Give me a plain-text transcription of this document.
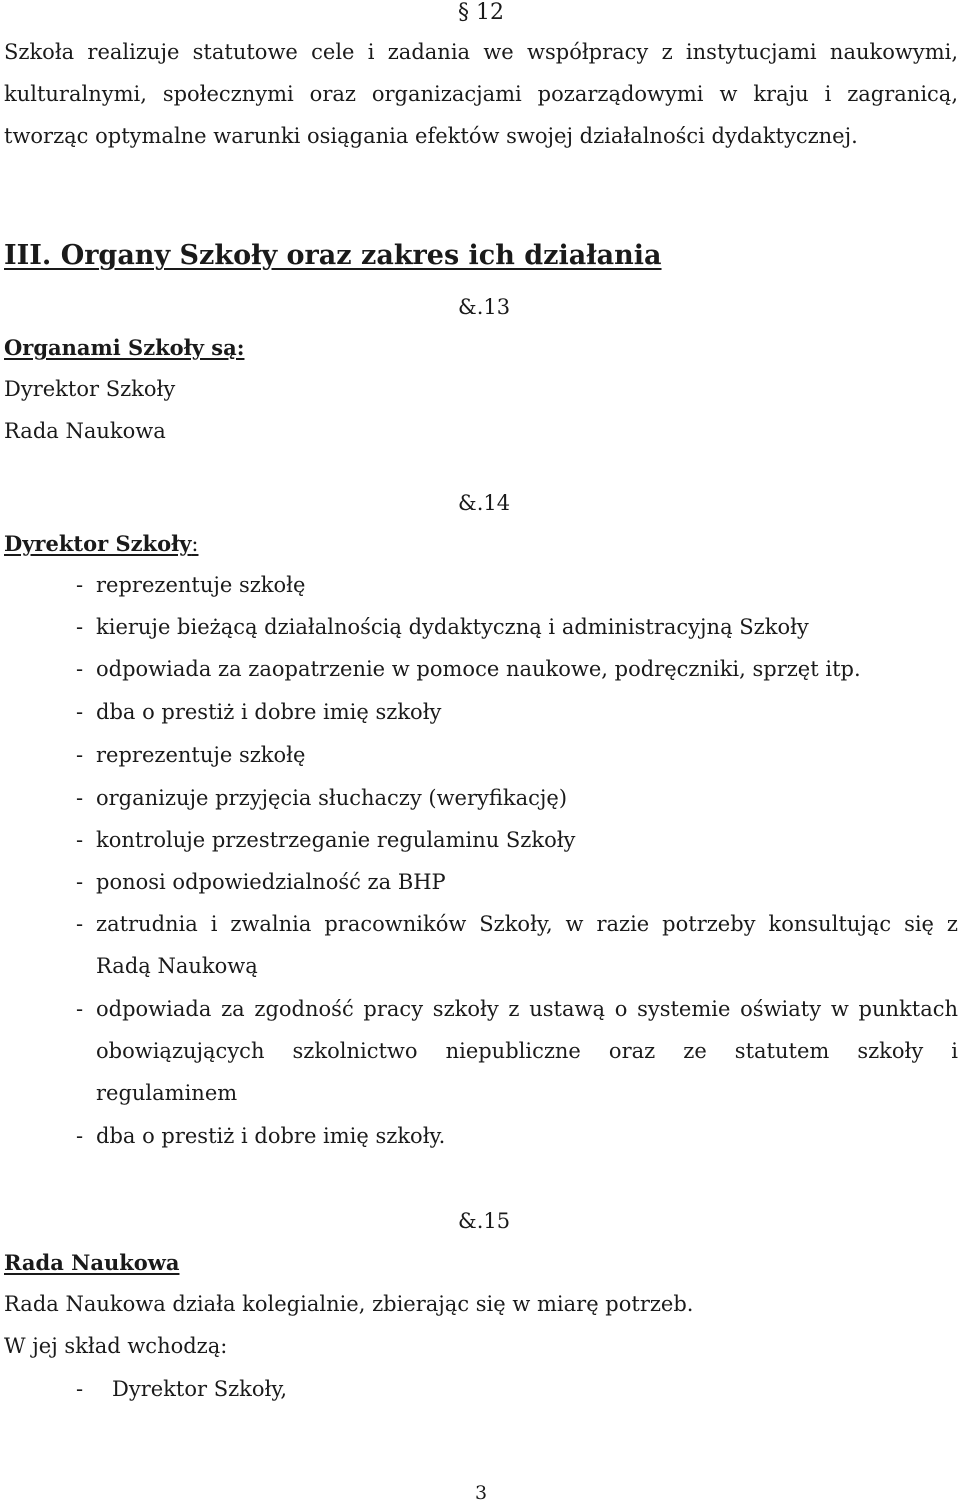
§ 12
Szkoła realizuje statutowe cele i zadania we współpracy z instytucjami naukowymi,
kulturalnymi, społecznymi oraz organizacjami pozarządowymi w kraju i zagranicą,
tworząc optymalne warunki osiągania efektów swojej działalności dydaktycznej.
III. Organy Szkoły oraz zakres ich działania
&.13
Organami Szkoły są:
Dyrektor Szkoły
Rada Naukowa
&.14
Dyrektor Szkoły:
- reprezentuje szkołę
- kieruje bieżącą działalnością dydaktyczną i administracyjną Szkoły
- odpowiada za zaopatrzenie w pomoce naukowe, podręczniki, sprzęt itp.
- dba o prestiż i dobre imię szkoły
- reprezentuje szkołę
- organizuje przyjęcia słuchaczy (weryfikację)
- kontroluje przestrzeganie regulaminu Szkoły
- ponosi odpowiedzialność za BHP
- zatrudnia i zwalnia pracowników Szkoły, w razie potrzeby konsultując się z
Radą Naukową
- odpowiada za zgodność pracy szkoły z ustawą o systemie oświaty w punktach
obowiązujących szkolnictwo niepubliczne oraz ze statutem szkoły i
regulaminem
- dba o prestiż i dobre imię szkoły.
&.15
Rada Naukowa
Rada Naukowa działa kolegialnie, zbierając się w miarę potrzeb.
W jej skład wchodzą:
- Dyrektor Szkoły,
3
